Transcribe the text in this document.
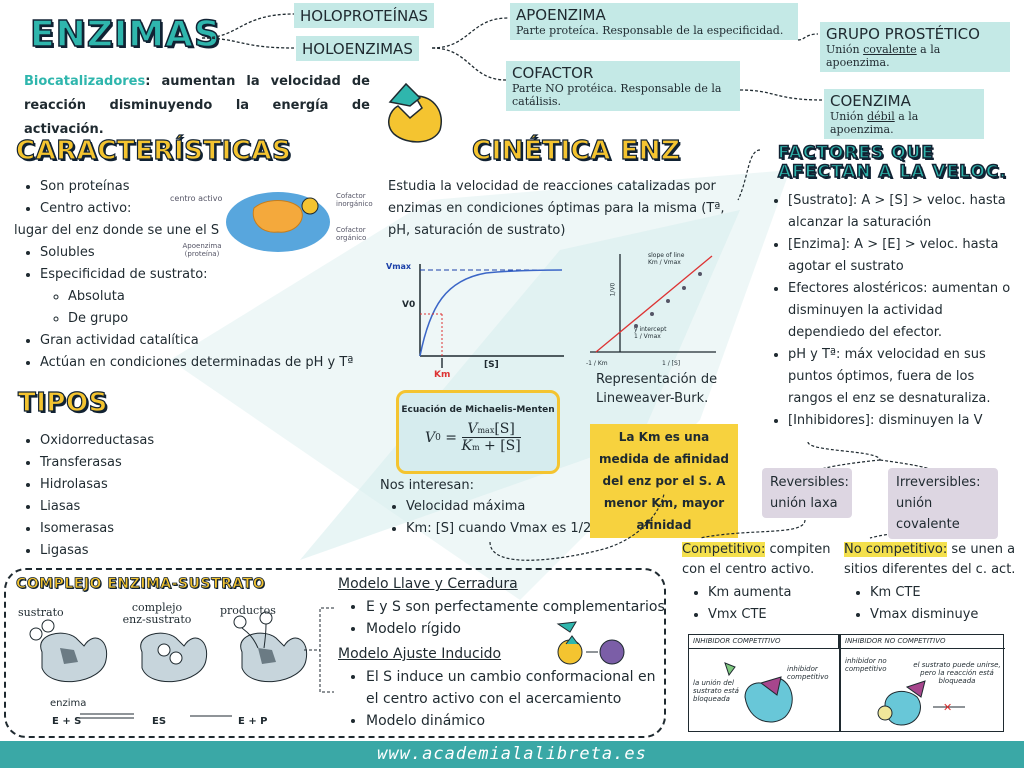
ENZIMAS	HOLOPROTEÍNAS
HOLOENZIMAS
APOENZIMA
Parte proteíca. Responsable de la especificidad.
COFACTOR
Parte NO protéica. Responsable de la catálisis.
GRUPO PROSTÉTICO
Unión covalente a la apoenzima.
COENZIMA
Unión débil a la apoenzima.
Biocatalizadores: aumentan la velocidad de reacción disminuyendo la energía de activación.
CARACTERÍSTICAS
• Son proteínas
• Centro activo:
lugar del enz donde se une el S
• Solubles
• Especificidad de sustrato:
◦ Absoluta
◦ De grupo
• Gran actividad catalítica
• Actúan en condiciones determinadas de pH y Tª
centro activo
Apoenzima (proteína)
Cofactor inorgánico
Cofactor orgánico
TIPOS
• Oxidorreductasas
• Transferasas
• Hidrolasas
• Liasas
• Isomerasas
• Ligasas
CINÉTICA ENZ
Estudia la velocidad de reacciones catalizadas por enzimas en condiciones óptimas para la misma (Tª, pH, saturación de sustrato)
Vmax
V0
Km
[S]
slope of line
Km / Vmax
y intercept
1 / Vmax
-1 / Km	1 / [S]
1/V0
Representación de Lineweaver-Burk.
Ecuación de Michaelis-Menten
V 0 =
Vmax[S]
Km + [S]
La Km es una medida de afinidad del enz por el S. A menor Km, mayor afinidad
Nos interesan:
• Velocidad máxima
• Km: [S] cuando Vmax es 1/2
FACTORES QUE AFECTAN A LA VELOC.
• [Sustrato]: A > [S] > veloc. hasta alcanzar la saturación
• [Enzima]: A > [E] > veloc. hasta agotar el sustrato
• Efectores alostéricos: aumentan o disminuyen la actividad dependiedo del efector.
• pH y Tª: máx velocidad en sus puntos óptimos, fuera de los rangos el enz se desnaturaliza.
• [Inhibidores]: disminuyen la V
Reversibles: unión laxa
Irreversibles: unión covalente
Competitivo: compiten con el centro activo.
• Km aumenta
• Vmx CTE
No competitivo: se unen a sitios diferentes del c. act.
• Km CTE
• Vmax disminuye
INHIBIDOR COMPETITIVO	INHIBIDOR NO COMPETITIVO
✕
inhibidor competitivo
la unión del sustrato está bloqueada
inhibidor no competitivo	el sustrato puede unirse, pero la reacción está bloqueada
COMPLEJO ENZIMA-SUSTRATO
sustrato	complejo enz-sustrato
productos
enzima
E + S	ES	E + P
Modelo Llave y Cerradura
• E y S son perfectamente complementarios
• Modelo rígido
Modelo Ajuste Inducido
• El S induce un cambio conformacional en el centro activo con el acercamiento
• Modelo dinámico
www.academialalibreta.es
